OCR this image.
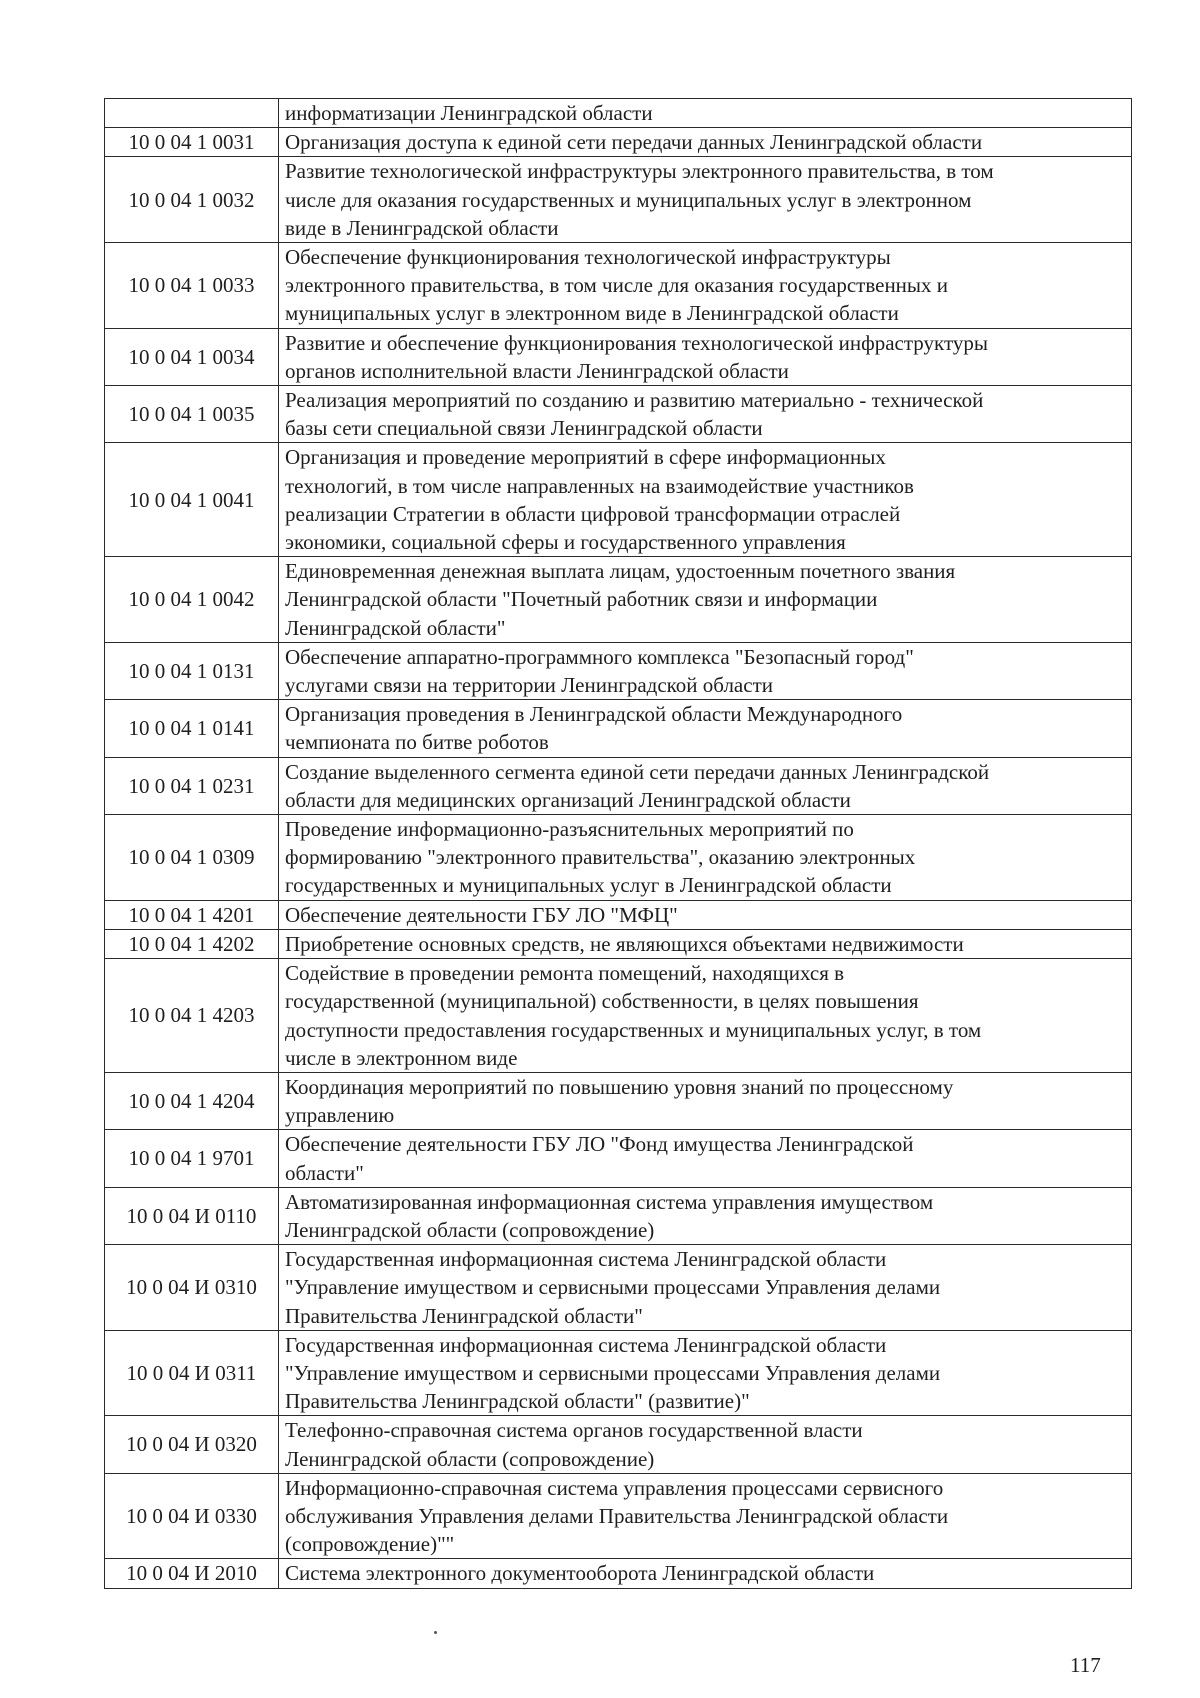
	информатизации Ленинградской области

10 0 04 1 0031	Организация доступа к единой сети передачи данных Ленинградской области

10 0 04 1 0032	Развитие технологической инфраструктуры электронного правительства, в том
числе для оказания государственных и муниципальных услуг в электронном
виде в Ленинградской области

10 0 04 1 0033	Обеспечение функционирования технологической инфраструктуры
электронного правительства, в том числе для оказания государственных и
муниципальных услуг в электронном виде в Ленинградской области

10 0 04 1 0034	Развитие и обеспечение функционирования технологической инфраструктуры
органов исполнительной власти Ленинградской области

10 0 04 1 0035	Реализация мероприятий по созданию и развитию материально - технической
базы сети специальной связи Ленинградской области

10 0 04 1 0041	Организация и проведение мероприятий в сфере информационных
технологий, в том числе направленных на взаимодействие участников
реализации Стратегии в области цифровой трансформации отраслей
экономики, социальной сферы и государственного управления

10 0 04 1 0042	Единовременная денежная выплата лицам, удостоенным почетного звания
Ленинградской области "Почетный работник связи и информации
Ленинградской области"

10 0 04 1 0131	Обеспечение аппаратно-программного комплекса "Безопасный город"
услугами связи на территории Ленинградской области

10 0 04 1 0141	Организация проведения в Ленинградской области Международного
чемпионата по битве роботов

10 0 04 1 0231	Создание выделенного сегмента единой сети передачи данных Ленинградской
области для медицинских организаций Ленинградской области

10 0 04 1 0309	Проведение информационно-разъяснительных мероприятий по
формированию "электронного правительства", оказанию электронных
государственных и муниципальных услуг в Ленинградской области

10 0 04 1 4201	Обеспечение деятельности ГБУ ЛО "МФЦ"

10 0 04 1 4202	Приобретение основных средств, не являющихся объектами недвижимости

10 0 04 1 4203	Содействие в проведении ремонта помещений, находящихся в
государственной (муниципальной) собственности, в целях повышения
доступности предоставления государственных и муниципальных услуг, в том
числе в электронном виде

10 0 04 1 4204	Координация мероприятий по повышению уровня знаний по процессному
управлению

10 0 04 1 9701	Обеспечение деятельности ГБУ ЛО "Фонд имущества Ленинградской
области"

10 0 04 И 0110	Автоматизированная информационная система управления имуществом
Ленинградской области (сопровождение)

10 0 04 И 0310	Государственная информационная система Ленинградской области
"Управление имуществом и сервисными процессами Управления делами
Правительства Ленинградской области"

10 0 04 И 0311	Государственная информационная система Ленинградской области
"Управление имуществом и сервисными процессами Управления делами
Правительства Ленинградской области" (развитие)"

10 0 04 И 0320	Телефонно-справочная система органов государственной власти
Ленинградской области (сопровождение)

10 0 04 И 0330	Информационно-справочная система управления процессами сервисного
обслуживания Управления делами Правительства Ленинградской области
(сопровождение)""

10 0 04 И 2010	Система электронного документооборота Ленинградской области
117
